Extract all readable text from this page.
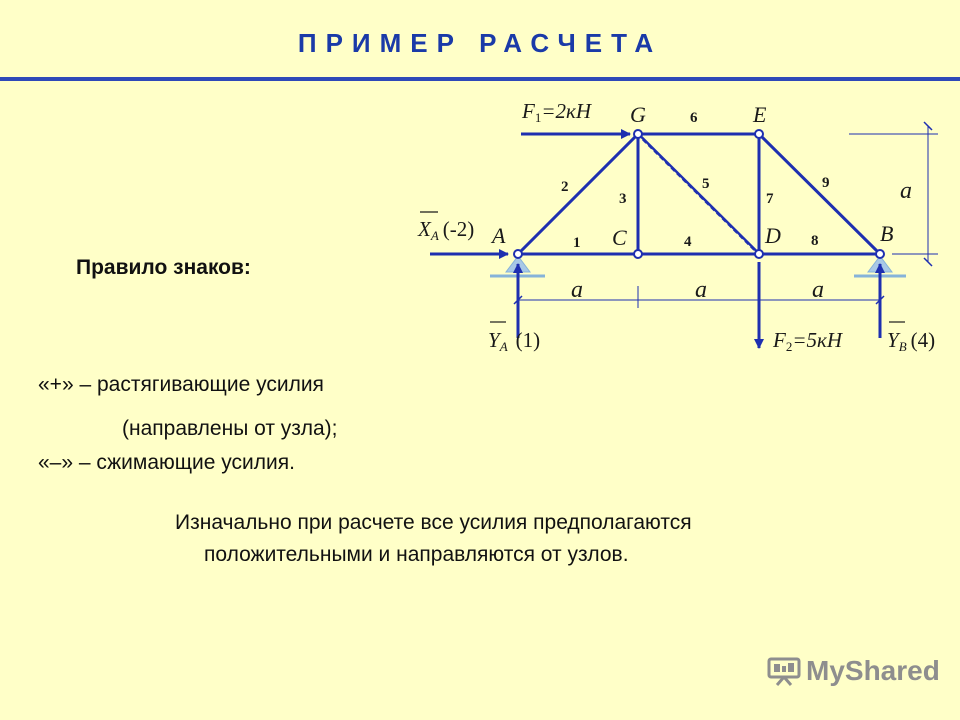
ПРИМЕР РАСЧЕТА
A	C	D	B
G	E
1
2
3
4
5
6
7
8
9
a	a	a
a
F1=2кН
F2=5кН
XA (-2)
YA (1)	YB (4)
Правило знаков:
«+» – растягивающие усилия
(направлены от узла);
«–» – сжимающие усилия.
Изначально при расчете все усилия предполагаются
положительными и направляются от узлов.
MyShared
